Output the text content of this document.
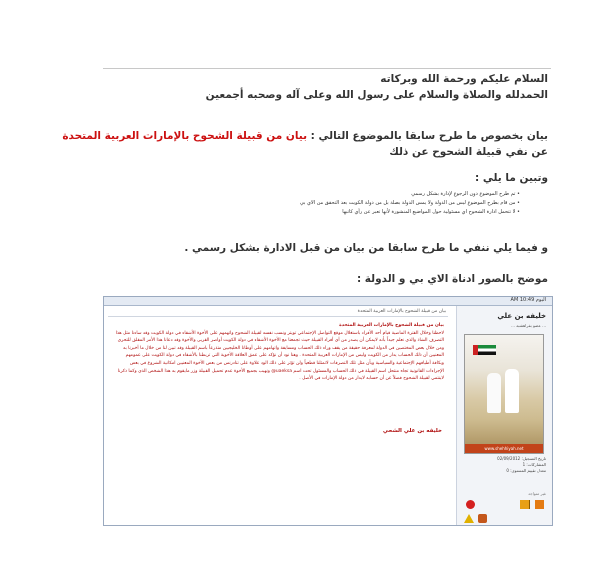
السلام عليكم ورحمة الله وبركاته
الحمدلله والصلاة والسلام على رسول الله وعلى آله وصحبه أجمعين
بيان بخصوص ما طرح سابقا بالموضوع التالي : بيان من قبيلة الشحوح بالإمارات العربية المتحدة
عن نفي قبيلة الشحوح عن ذلك
وتبين ما يلي :
• تم طرح الموضوع دون الرجوع لإدارة بشكل رسمي
• من قام بطرح الموضوع ليس من الدولة ولا يمس الدولة بصلة بل من دولة الكويت بعد التحقق من الاي بي
• لا تتحمل ادارة الشحوح اي مسئولية حول المواضيع المنشورة لأنها تعبر عن رأي كاتبها
و فيما يلي ننفي ما طرح سابقا من بيان من قبل الادارة بشكل رسمي .
موضح بالصور ادناة الاي بي و الدولة :
اليوم 10:49 AM
خليفه بن علي
... عضو بفراهشبه ...
www.shehhiyah.net
تاريخ التسجيل: 02/09/2012
المشاركات: 1
معدل تقييم المستوى: 0
غير متواجد
بيان من قبيلة الشحوح بالإمارات العربية المتحدة
بيان من قبيلة الشحوح بالإمارات العربية المتحدة
لاحظنا وخلال الفترة الماضية قيام أحد الأفراد باستغلال موقع التواصل الإجتماعي تويتر ونسب نفسه لقبيلة الشحوح واتهمهم على الأخوة الأشقاء في دولة الكويت وقد ساءنا مثل هذا التصرف الشاذ والذي نعلم جيداً بأنه لايمكن أن يصدر من أي أفراد القبيلة حيث تجمعنا مع الأخوة الأشقاء في دولة الكويت أواصر القربى والأخوة وقد دعانا هذا الأمر المقلق للتحري ومن خلال بعض المختصين في الدولة لمعرفة حقيقة من يقف وراء ذلك الحساب ومسايفة واتهامهم على أوطانا الخليجيين متذرعاً باسم القبيلة وقد تبين لنا من خلال ما أخبرنا به المعنيين أن ذلك الحساب يدار من الكويت وليس من الإمارات العربية المتحدة . وهنا نود أن نؤكد على عمق العلاقة الأخوية التي تربطنا بالأشقاء في دولة الكويت على عمومهم وبكافة أطيافهم الإجتماعية والسياسية وبأن مثل تلك التصرفات لاتمثلنا قطعياً ولن تؤثر على ذلك الود علاوة على تنادرنس من بعض الأخوة المعنيين امكانية الشروع في بعض الإجراءات القانونية تجاه منتحل اسم القبيلة في ذلك الحساب والمسئول تحت اسم uaeksa@ ونهيب بجميع الأخوة عدم تحميل القبيلة وزر مايقوم به هذا الشخص الذي وكما ذكرنا لاينتمي لقبيلة الشحوح فضلاً عن أن حسابه لايدار من دولة الإمارات في الأصل .
خليفه بن علي الشحي
